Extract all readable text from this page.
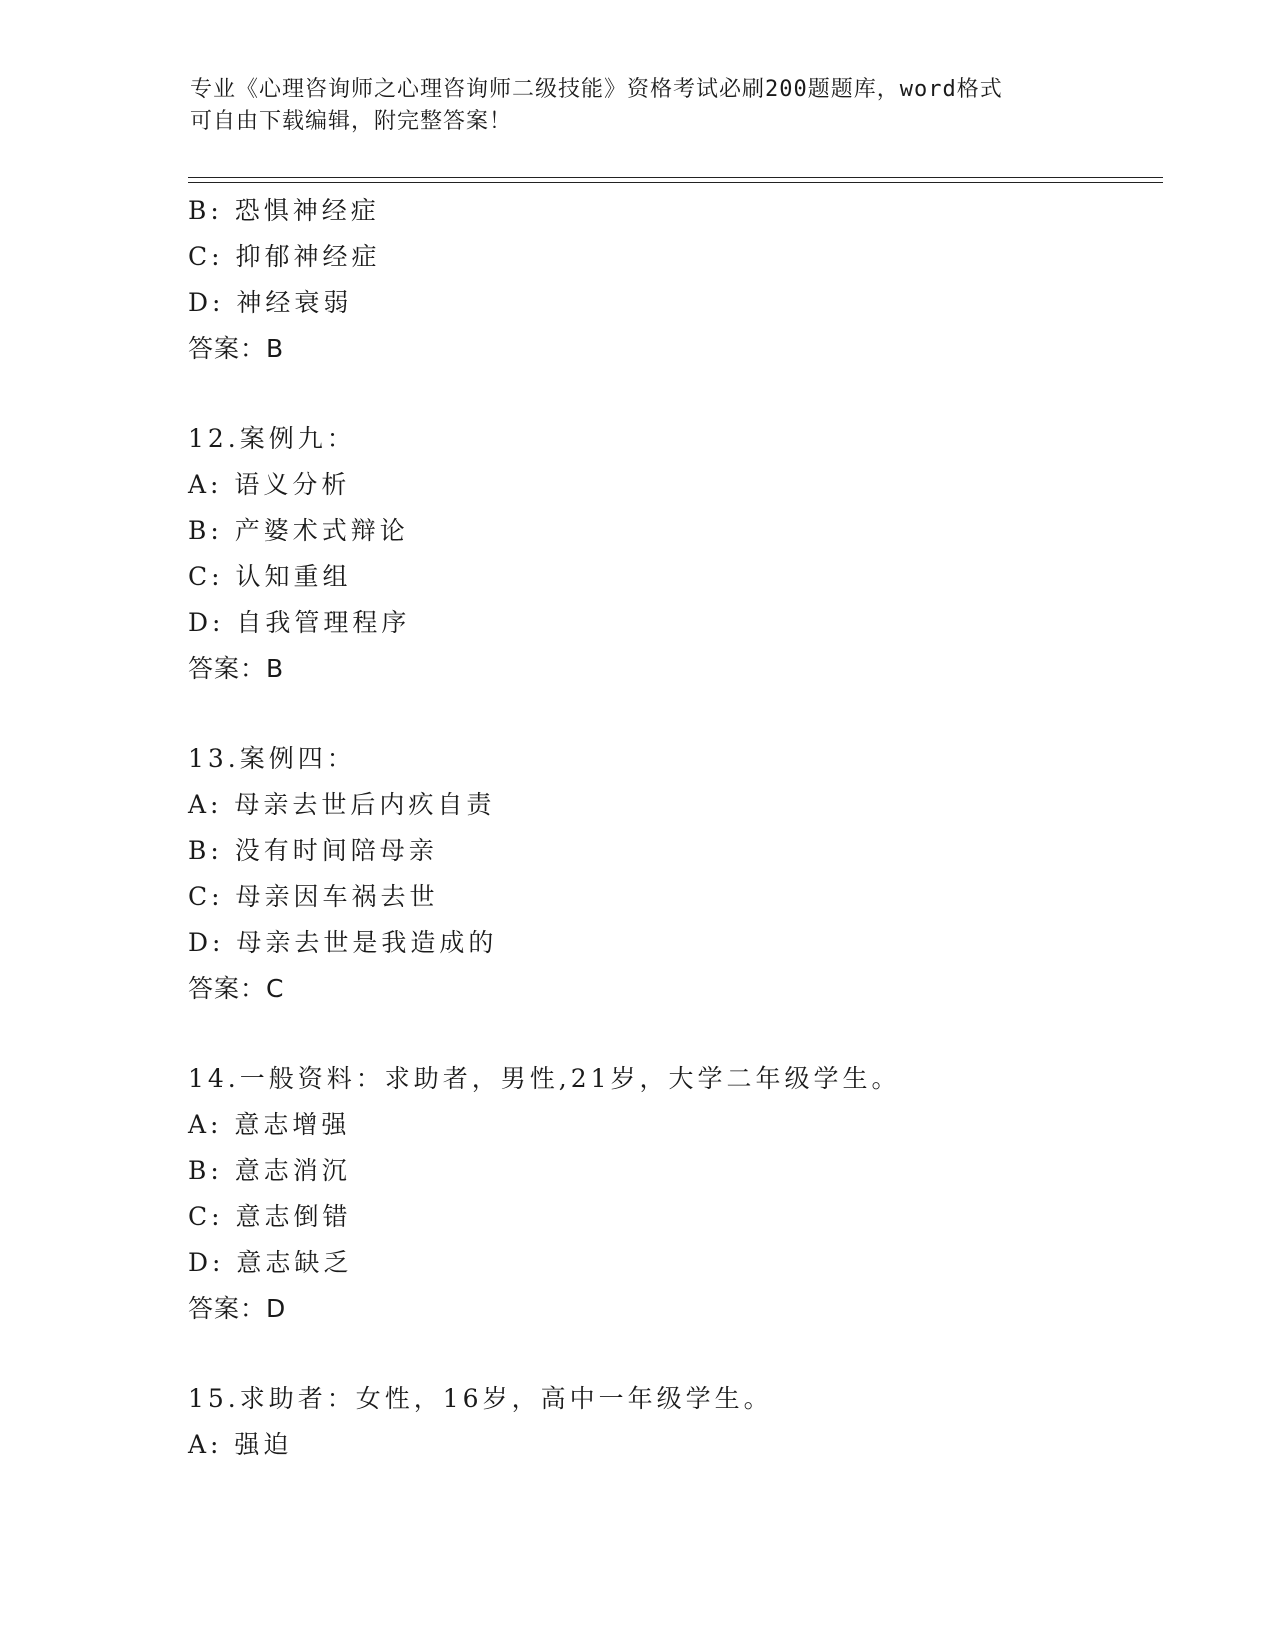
专业《心理咨询师之心理咨询师二级技能》资格考试必刷200题题库，word格式
可自由下载编辑，附完整答案！
B: 恐惧神经症
C: 抑郁神经症
D: 神经衰弱
答案：B
12.案例九：
A: 语义分析
B: 产婆术式辩论
C: 认知重组
D: 自我管理程序
答案：B
13.案例四：
A: 母亲去世后内疚自责
B: 没有时间陪母亲
C: 母亲因车祸去世
D: 母亲去世是我造成的
答案：C
14.一般资料：求助者，男性,21岁，大学二年级学生。
A: 意志增强
B: 意志消沉
C: 意志倒错
D: 意志缺乏
答案：D
15.求助者：女性，16岁，高中一年级学生。
A: 强迫
